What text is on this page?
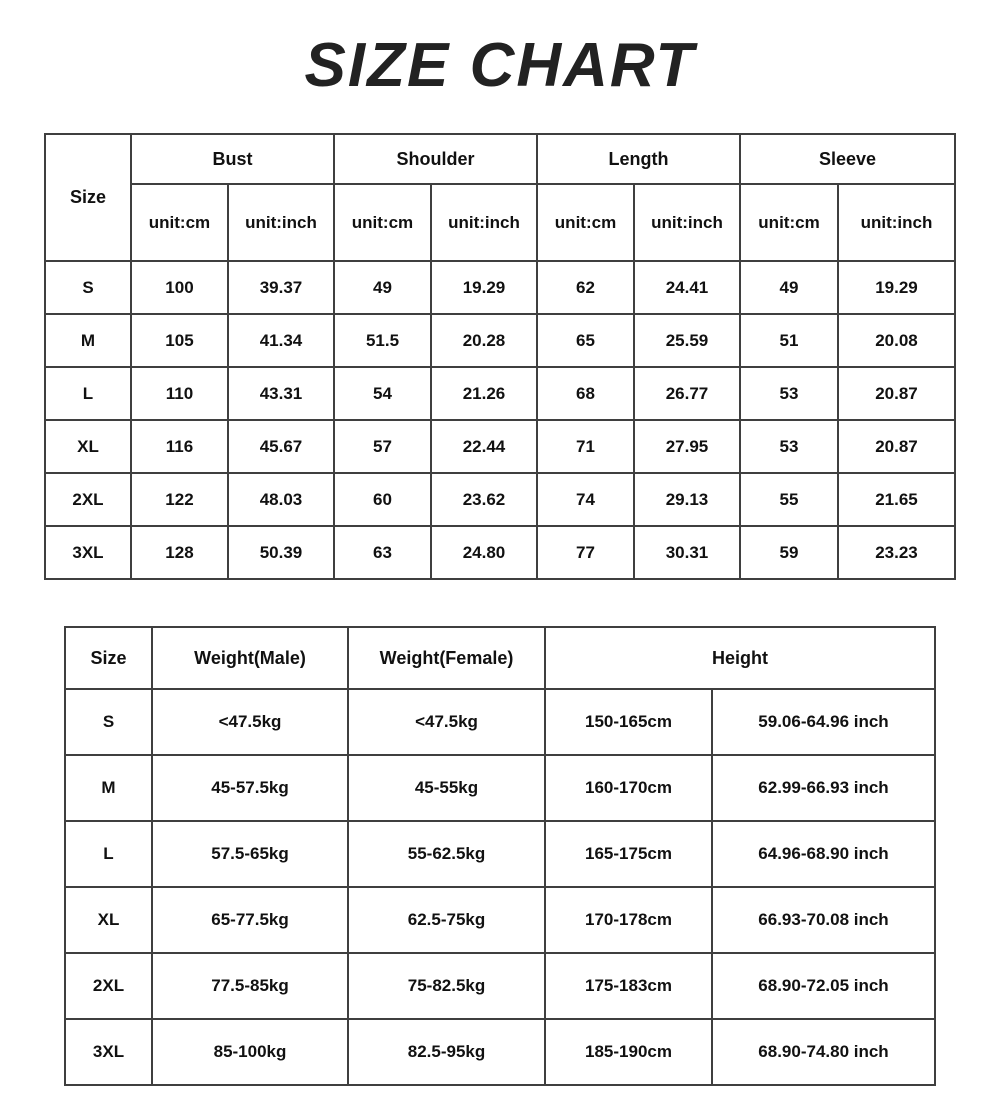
SIZE CHART
Size	Bust		Shoulder		Length		Sleeve	
	unit:cm	unit:inch	unit:cm	unit:inch	unit:cm	unit:inch	unit:cm	unit:inch
S	100	39.37	49	19.29	62	24.41	49	19.29
M	105	41.34	51.5	20.28	65	25.59	51	20.08
L	110	43.31	54	21.26	68	26.77	53	20.87
XL	116	45.67	57	22.44	71	27.95	53	20.87
2XL	122	48.03	60	23.62	74	29.13	55	21.65
3XL	128	50.39	63	24.80	77	30.31	59	23.23
Size	Weight(Male)	Weight(Female)	Height	
S	<47.5kg	<47.5kg	150-165cm	59.06-64.96 inch
M	45-57.5kg	45-55kg	160-170cm	62.99-66.93 inch
L	57.5-65kg	55-62.5kg	165-175cm	64.96-68.90 inch
XL	65-77.5kg	62.5-75kg	170-178cm	66.93-70.08 inch
2XL	77.5-85kg	75-82.5kg	175-183cm	68.90-72.05 inch
3XL	85-100kg	82.5-95kg	185-190cm	68.90-74.80 inch
